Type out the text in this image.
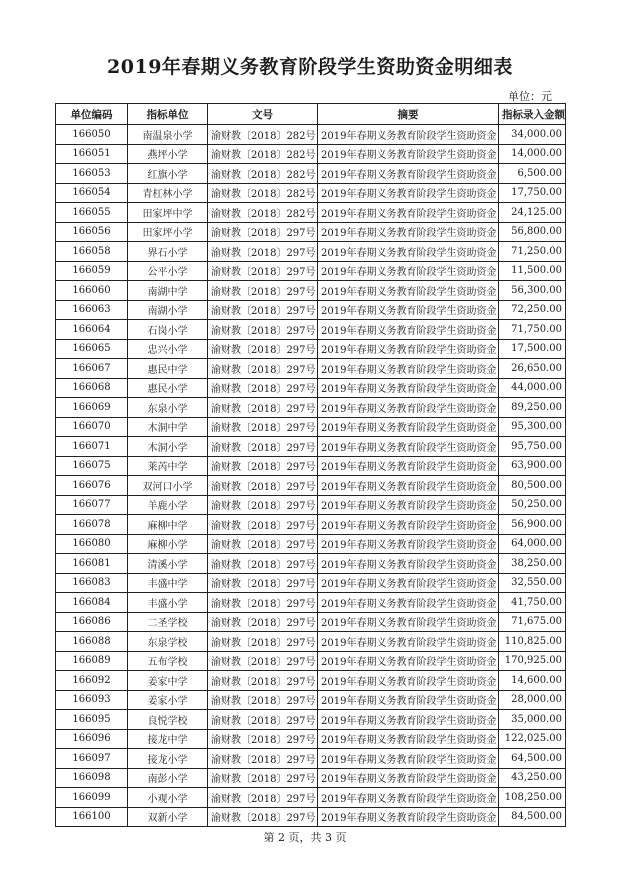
2019年春期义务教育阶段学生资助资金明细表
单位：元
单位编码	指标单位	文号	摘要	指标录入金额
166050	南温泉小学	渝财教〔2018〕282号	2019年春期义务教育阶段学生资助资金	34,000.00
166051	燕坪小学	渝财教〔2018〕282号	2019年春期义务教育阶段学生资助资金	14,000.00
166053	红旗小学	渝财教〔2018〕282号	2019年春期义务教育阶段学生资助资金	6,500.00
166054	青杠林小学	渝财教〔2018〕282号	2019年春期义务教育阶段学生资助资金	17,750.00
166055	田家坪中学	渝财教〔2018〕282号	2019年春期义务教育阶段学生资助资金	24,125.00
166056	田家坪小学	渝财教〔2018〕297号	2019年春期义务教育阶段学生资助资金	56,800.00
166058	界石小学	渝财教〔2018〕297号	2019年春期义务教育阶段学生资助资金	71,250.00
166059	公平小学	渝财教〔2018〕297号	2019年春期义务教育阶段学生资助资金	11,500.00
166060	南湖中学	渝财教〔2018〕297号	2019年春期义务教育阶段学生资助资金	56,300.00
166063	南湖小学	渝财教〔2018〕297号	2019年春期义务教育阶段学生资助资金	72,250.00
166064	石岗小学	渝财教〔2018〕297号	2019年春期义务教育阶段学生资助资金	71,750.00
166065	忠兴小学	渝财教〔2018〕297号	2019年春期义务教育阶段学生资助资金	17,500.00
166067	惠民中学	渝财教〔2018〕297号	2019年春期义务教育阶段学生资助资金	26,650.00
166068	惠民小学	渝财教〔2018〕297号	2019年春期义务教育阶段学生资助资金	44,000.00
166069	东泉小学	渝财教〔2018〕297号	2019年春期义务教育阶段学生资助资金	89,250.00
166070	木洞中学	渝财教〔2018〕297号	2019年春期义务教育阶段学生资助资金	95,300.00
166071	木洞小学	渝财教〔2018〕297号	2019年春期义务教育阶段学生资助资金	95,750.00
166075	莱芮中学	渝财教〔2018〕297号	2019年春期义务教育阶段学生资助资金	63,900.00
166076	双河口小学	渝财教〔2018〕297号	2019年春期义务教育阶段学生资助资金	80,500.00
166077	羊鹿小学	渝财教〔2018〕297号	2019年春期义务教育阶段学生资助资金	50,250.00
166078	麻柳中学	渝财教〔2018〕297号	2019年春期义务教育阶段学生资助资金	56,900.00
166080	麻柳小学	渝财教〔2018〕297号	2019年春期义务教育阶段学生资助资金	64,000.00
166081	清溪小学	渝财教〔2018〕297号	2019年春期义务教育阶段学生资助资金	38,250.00
166083	丰盛中学	渝财教〔2018〕297号	2019年春期义务教育阶段学生资助资金	32,550.00
166084	丰盛小学	渝财教〔2018〕297号	2019年春期义务教育阶段学生资助资金	41,750.00
166086	二圣学校	渝财教〔2018〕297号	2019年春期义务教育阶段学生资助资金	71,675.00
166088	东泉学校	渝财教〔2018〕297号	2019年春期义务教育阶段学生资助资金	110,825.00
166089	五布学校	渝财教〔2018〕297号	2019年春期义务教育阶段学生资助资金	170,925.00
166092	姜家中学	渝财教〔2018〕297号	2019年春期义务教育阶段学生资助资金	14,600.00
166093	姜家小学	渝财教〔2018〕297号	2019年春期义务教育阶段学生资助资金	28,000.00
166095	良悦学校	渝财教〔2018〕297号	2019年春期义务教育阶段学生资助资金	35,000.00
166096	接龙中学	渝财教〔2018〕297号	2019年春期义务教育阶段学生资助资金	122,025.00
166097	接龙小学	渝财教〔2018〕297号	2019年春期义务教育阶段学生资助资金	64,500.00
166098	南彭小学	渝财教〔2018〕297号	2019年春期义务教育阶段学生资助资金	43,250.00
166099	小观小学	渝财教〔2018〕297号	2019年春期义务教育阶段学生资助资金	108,250.00
166100	双新小学	渝财教〔2018〕297号	2019年春期义务教育阶段学生资助资金	84,500.00
第 2 页，共 3 页
